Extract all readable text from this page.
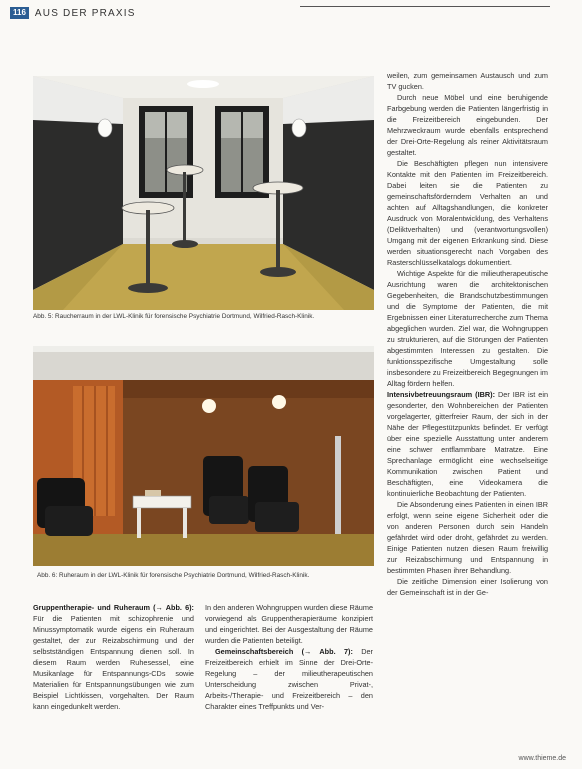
116 AUS DER PRAXIS
Abb. 5: Raucherraum in der LWL-Klinik für forensische Psychiatrie Dortmund, Wilfried-Rasch-Klinik.
Abb. 6: Ruheraum in der LWL-Klinik für forensische Psychiatrie Dortmund, Wilfried-Rasch-Klinik.

Gruppentherapie- und Ruheraum (→ Abb. 6): Für die Patienten mit schizophrenie und Minussymptomatik wurde eigens ein Ruheraum gestaltet, der zur Reizabschirmung und der selbstständigen Entspannung dienen soll. In diesem Raum werden Ruhesessel, eine Musikanlage für Entspannungs-CDs sowie Materialien für Entspannungsübungen wie zum Beispiel Lichtkissen, vorgehalten. Der Raum kann eingedunkelt werden.

In den anderen Wohngruppen wurden diese Räume vorwiegend als Gruppentherapieräume konzipiert und eingerichtet. Bei der Ausgestaltung der Räume wurden die Patienten beteiligt.

Gemeinschaftsbereich (→ Abb. 7): Der Freizeitbereich erhielt im Sinne der Drei-Orte-Regelung – der milieutherapeutischen Unterscheidung zwischen Privat-, Arbeits-/Therapie- und Freizeitbereich – den Charakter eines Treffpunkts und Ver-

weilen, zum gemeinsamen Austausch und zum TV gucken.

Durch neue Möbel und eine beruhigende Farbgebung werden die Patienten längerfristig in die Freizeitbereich eingebunden. Der Mehrzweckraum wurde ebenfalls entsprechend der Drei-Orte-Regelung als reiner Aktivitätsraum gestaltet.

Die Beschäftigten pflegen nun intensivere Kontakte mit den Patienten im Freizeitbereich. Dabei leiten sie die Patienten zu gemeinschaftsförderndem Verhalten an und achten auf Alltagshandlungen, die konkreter Ausdruck von Moralentwicklung, des Verhaltens (Deliktverhalten) und (verantwortungsvollen) Umgang mit der eigenen Erkrankung sind. Diese werden situationsgerecht nach Vorgaben des Rasterschlüsselkatalogs dokumentiert.

Wichtige Aspekte für die milieutherapeutische Ausrichtung waren die architektonischen Gegebenheiten, die Brandschutzbestimmungen und die Symptome der Patienten, die mit Ergebnissen einer Literaturrecherche zum Thema abgeglichen wurden. Ziel war, die Wohngruppen zu strukturieren, auf die Störungen der Patienten abgestimmten Interessen zu gestalten. Die funktionsspezifische Umgestaltung solle insbesondere zu Freizeitbereich Begegnungen im Alltag fördern helfen.

Intensivbetreuungsraum (IBR): Der IBR ist ein gesonderter, den Wohnbereichen der Patienten vorgelagerter, gitterfreier Raum, der sich in der Nähe der Pflegestützpunkts befindet. Er verfügt über eine spezielle Ausstattung unter anderem eine schwer entflammbare Matratze. Eine Sprechanlage ermöglicht eine wechselseitige Kommunikation zwischen Patient und Beschäftigten, eine Videokamera die kontinuierliche Beobachtung der Patienten.

Die Absonderung eines Patienten in einen IBR erfolgt, wenn seine eigene Sicherheit oder die von anderen Personen durch sein Handeln gefährdet wird oder droht, gefährdet zu werden. Einige Patienten nutzen diesen Raum freiwillig zur Reizabschirmung und Entspannung in bestimmten Phasen ihrer Behandlung.

Die zeitliche Dimension einer Isolierung von der Gemeinschaft ist in der Ge-

www.thieme.de
